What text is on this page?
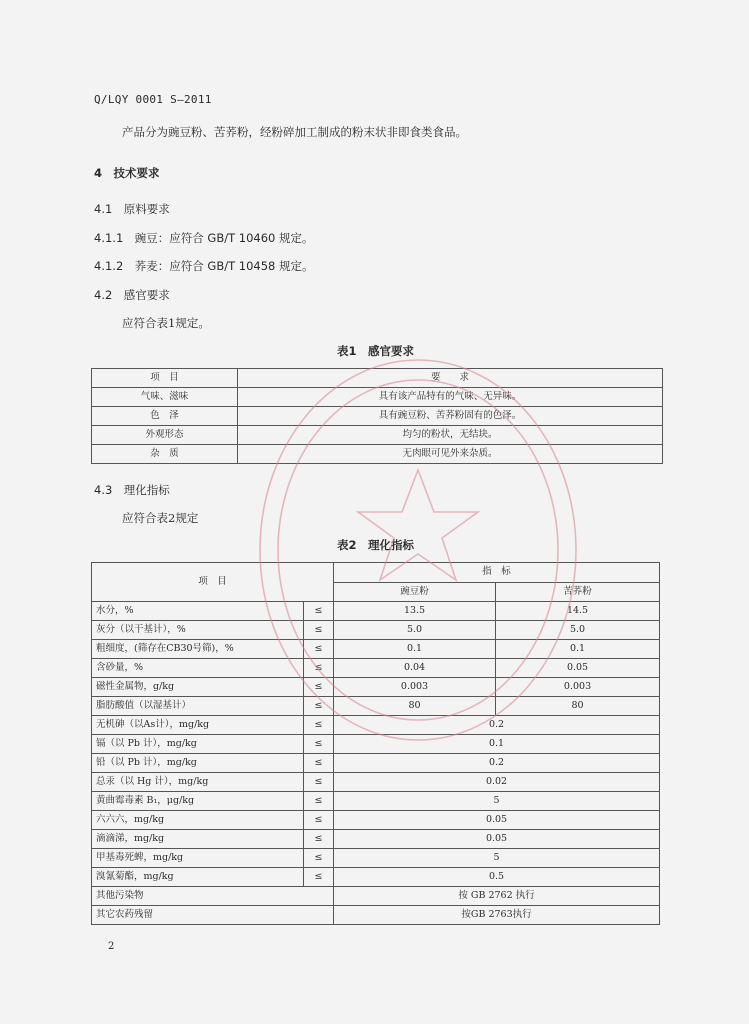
Q/LQY 0001 S—2011
产品分为豌豆粉、苦荞粉，经粉碎加工制成的粉末状非即食类食品。
4　技术要求
4.1　原料要求
4.1.1　豌豆：应符合 GB/T 10460 规定。
4.1.2　荞麦：应符合 GB/T 10458 规定。
4.2　感官要求
应符合表1规定。
表1　感官要求
项　目	要　　求
气味、滋味	具有该产品特有的气味、无异味。
色　泽	具有豌豆粉、苦荞粉固有的色泽。
外观形态	均匀的粉状，无结块。
杂　质	无肉眼可见外来杂质。
4.3　理化指标
应符合表2规定
表2　理化指标
项　目		指　标	
		豌豆粉	苦荞粉
水分，%	≤	13.5	14.5
灰分（以干基计），%	≤	5.0	5.0
粗细度，(筛存在CB30号筛)，%	≤	0.1	0.1
含砂量，%	≤	0.04	0.05
磁性金属物，g/kg	≤	0.003	0.003
脂肪酸值（以湿基计）	≤	80	80
无机砷（以As计），mg/kg	≤	0.2	
镉（以 Pb 计），mg/kg	≤	0.1	
铅（以 Pb 计），mg/kg	≤	0.2	
总汞（以 Hg 计），mg/kg	≤	0.02	
黄曲霉毒素 B₁，μg/kg	≤	5	
六六六，mg/kg	≤	0.05	
滴滴涕，mg/kg	≤	0.05	
甲基毒死蜱，mg/kg	≤	5	
溴氰菊酯，mg/kg	≤	0.5	
其他污染物		按 GB 2762 执行	
其它农药残留		按GB 2763执行	
2
